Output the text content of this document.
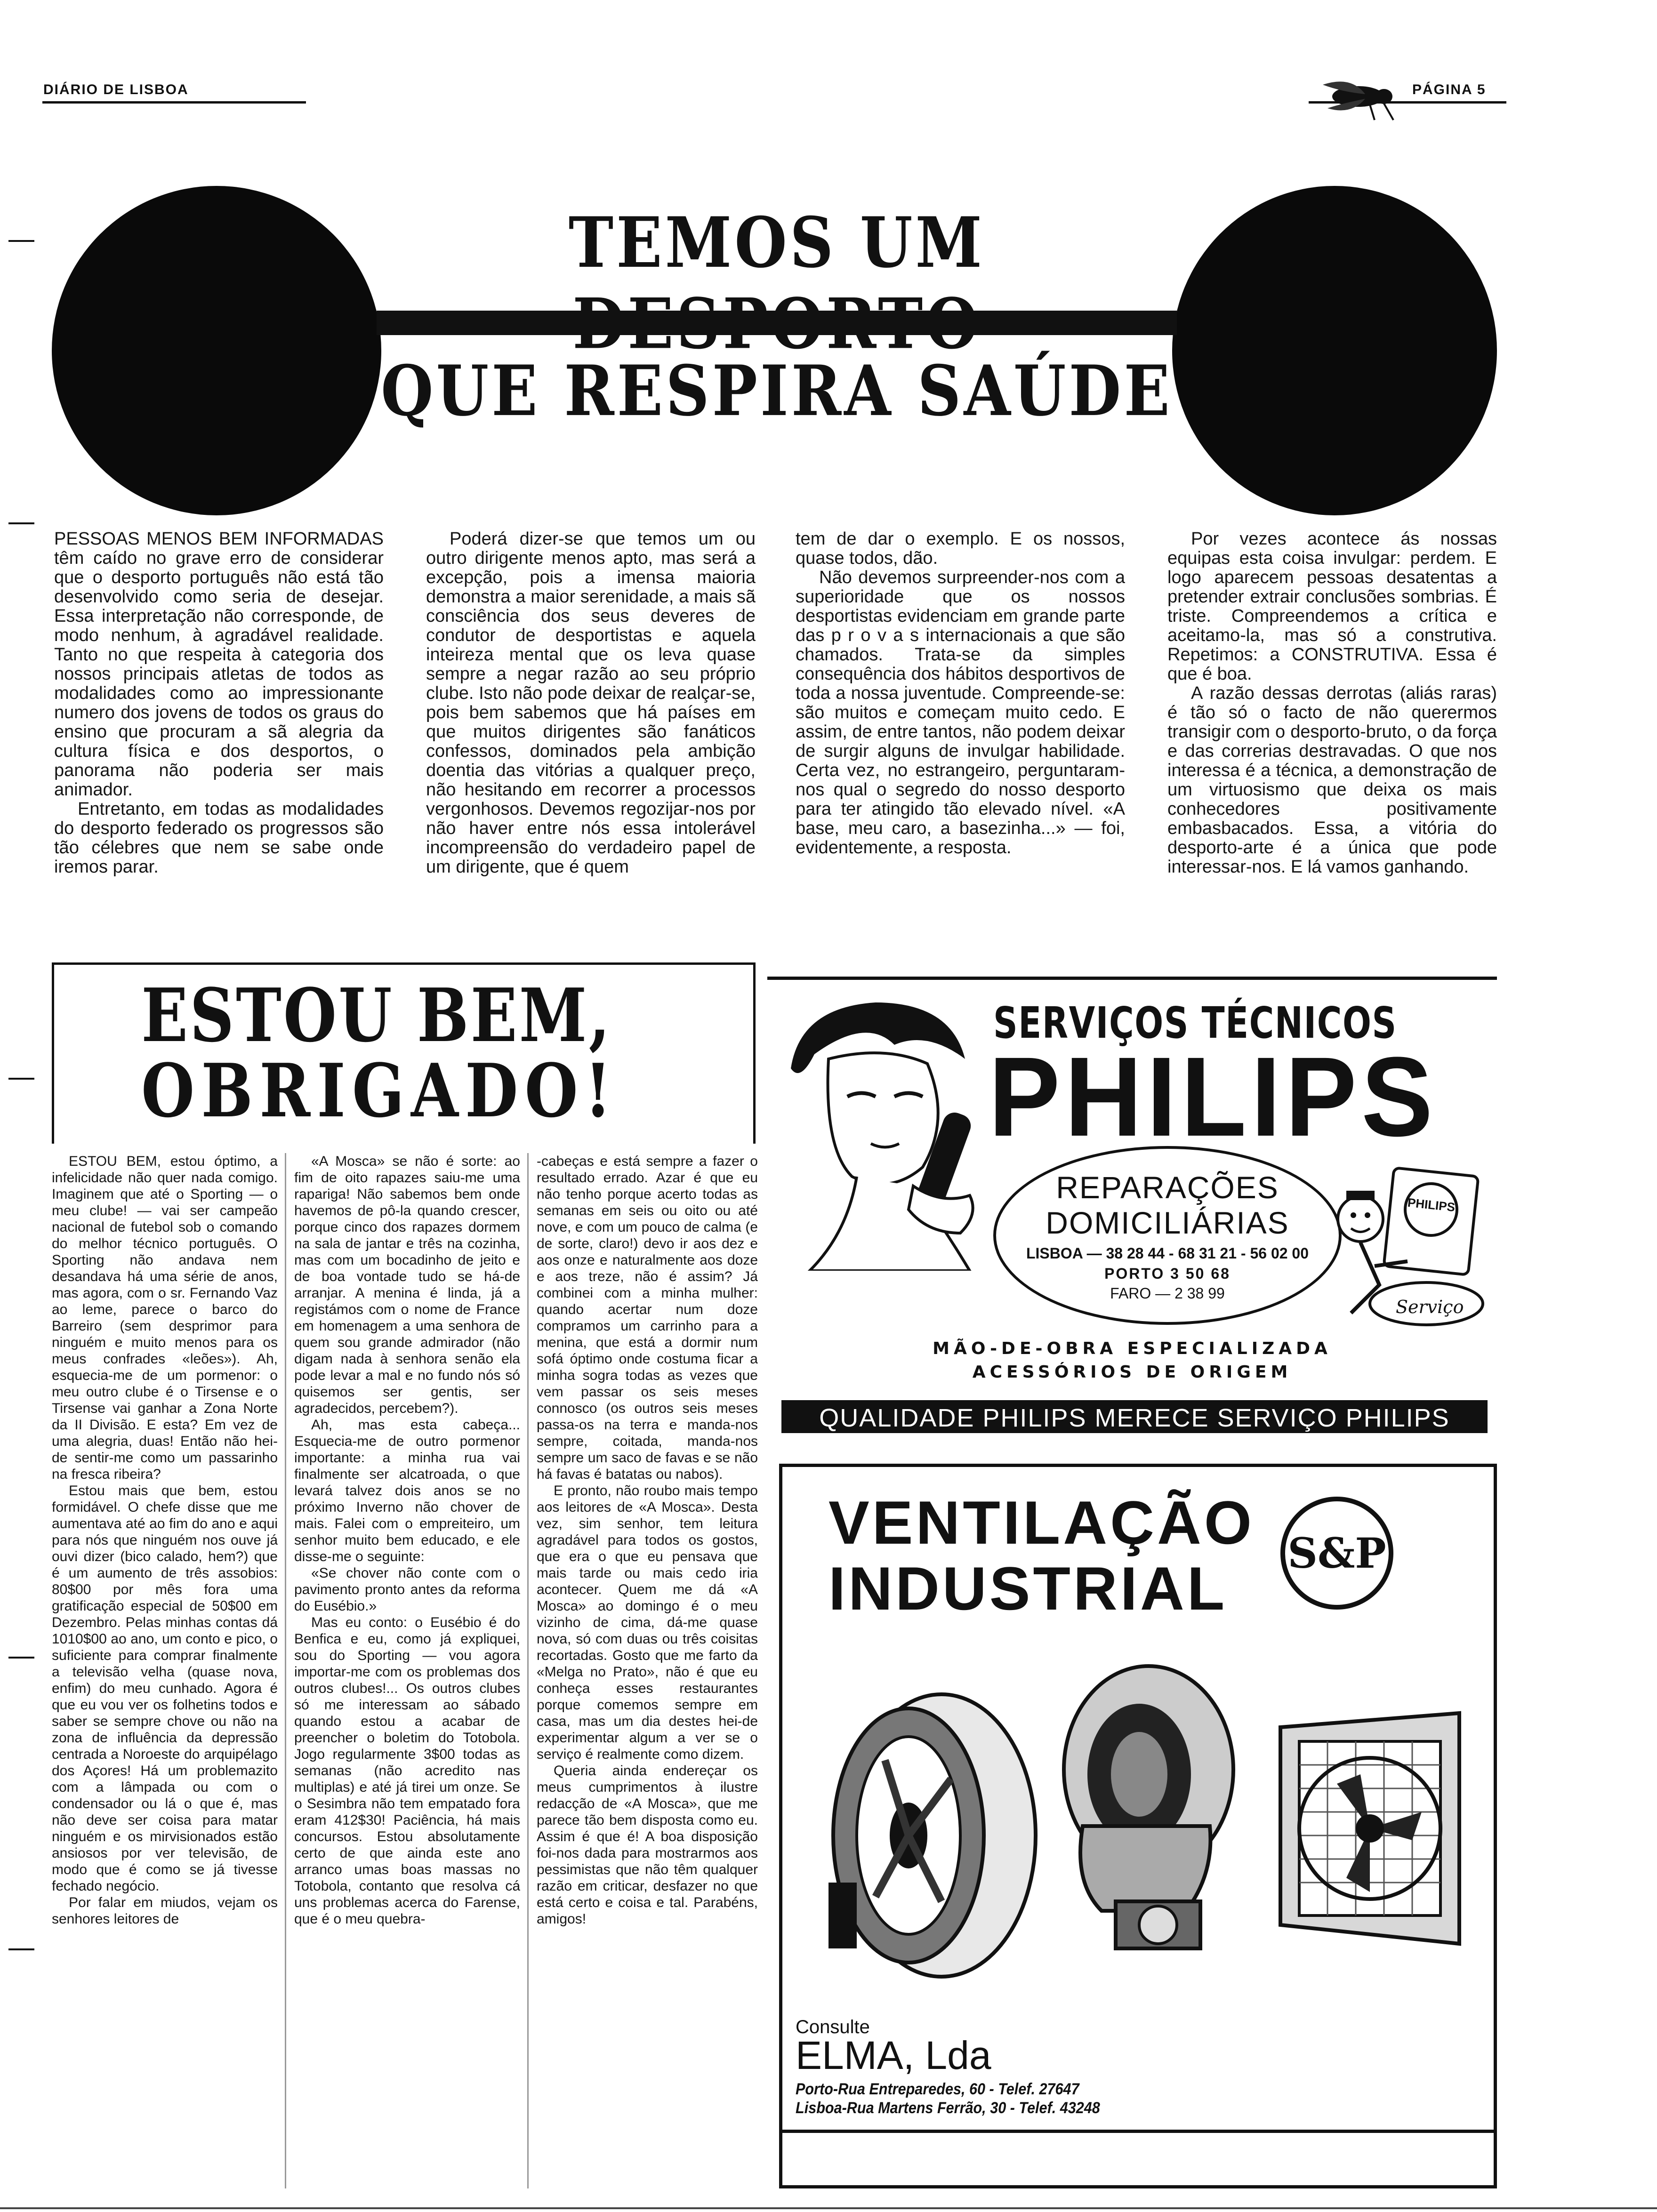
DIÁRIO DE LISBOA	PÁGINA 5
TEMOS UM
QUE RESPIRA SAÚDE

PESSOAS MENOS BEM INFORMADAS têm caído no grave erro de considerar que o desporto português não está tão desenvolvido como seria de desejar. Essa interpretação não corresponde, de modo nenhum, à agradável realidade. Tanto no que respeita à categoria dos nossos principais atletas de todos as modalidades como ao impressionante numero dos jovens de todos os graus do ensino que procuram a sã alegria da cultura física e dos desportos, o panorama não poderia ser mais animador.

Entretanto, em todas as modalidades do desporto federado os progressos são tão célebres que nem se sabe onde iremos parar.

Poderá dizer-se que temos um ou outro dirigente menos apto, mas será a excepção, pois a imensa maioria demonstra a maior serenidade, a mais sã consciência dos seus deveres de condutor de desportistas e aquela inteireza mental que os leva quase sempre a negar razão ao seu próprio clube. Isto não pode deixar de realçar-se, pois bem sabemos que há países em que muitos dirigentes são fanáticos confessos, dominados pela ambição doentia das vitórias a qualquer preço, não hesitando em recorrer a processos vergonhosos. Devemos regozijar-nos por não haver entre nós essa intolerável incompreensão do verdadeiro papel de um dirigente, que é quem

tem de dar o exemplo. E os nossos, quase todos, dão.

Não devemos surpreender-nos com a superioridade que os nossos desportistas evidenciam em grande parte das p r o v a s internacionais a que são chamados. Trata-se da simples consequência dos hábitos desportivos de toda a nossa juventude. Compreende-se: são muitos e começam muito cedo. E assim, de entre tantos, não podem deixar de surgir alguns de invulgar habilidade. Certa vez, no estrangeiro, perguntaram-nos qual o segredo do nosso desporto para ter atingido tão elevado nível. «A base, meu caro, a basezinha...» — foi, evidentemente, a resposta.

Por vezes acontece ás nossas equipas esta coisa invulgar: perdem. E logo aparecem pessoas desatentas a pretender extrair conclusões sombrias. É triste. Compreendemos a crítica e aceitamo-la, mas só a construtiva. Repetimos: a CONSTRUTIVA. Essa é que é boa.

A razão dessas derrotas (aliás raras) é tão só o facto de não querermos transigir com o desporto-bruto, o da força e das correrias destravadas. O que nos interessa é a técnica, a demonstração de um virtuosismo que deixa os mais conhecedores positivamente embasbacados. Essa, a vitória do desporto-arte é a única que pode interessar-nos. E lá vamos ganhando.

ESTOU BEM,
OBRIGADO!

ESTOU BEM, estou óptimo, a infelicidade não quer nada comigo. Imaginem que até o Sporting — o meu clube! — vai ser campeão nacional de futebol sob o comando do melhor técnico português. O Sporting não andava nem desandava há uma série de anos, mas agora, com o sr. Fernando Vaz ao leme, parece o barco do Barreiro (sem desprimor para ninguém e muito menos para os meus confrades «leões»). Ah, esquecia-me de um pormenor: o meu outro clube é o Tirsense e o Tirsense vai ganhar a Zona Norte da II Divisão. E esta? Em vez de uma alegria, duas! Então não hei-de sentir-me como um passarinho na fresca ribeira?

Estou mais que bem, estou formidável. O chefe disse que me aumentava até ao fim do ano e aqui para nós que ninguém nos ouve já ouvi dizer (bico calado, hem?) que é um aumento de três assobios: 80$00 por mês fora uma gratificação especial de 50$00 em Dezembro. Pelas minhas contas dá 1010$00 ao ano, um conto e pico, o suficiente para comprar finalmente a televisão velha (quase nova, enfim) do meu cunhado. Agora é que eu vou ver os folhetins todos e saber se sempre chove ou não na zona de influência da depressão centrada a Noroeste do arquipélago dos Açores! Há um problemazito com a lâmpada ou com o condensador ou lá o que é, mas não deve ser coisa para matar ninguém e os mirvisionados estão ansiosos por ver televisão, de modo que é como se já tivesse fechado negócio.

Por falar em miudos, vejam os senhores leitores de

«A Mosca» se não é sorte: ao fim de oito rapazes saiu-me uma rapariga! Não sabemos bem onde havemos de pô-la quando crescer, porque cinco dos rapazes dormem na sala de jantar e três na cozinha, mas com um bocadinho de jeito e de boa vontade tudo se há-de arranjar. A menina é linda, já a registámos com o nome de France em homenagem a uma senhora de quem sou grande admirador (não digam nada à senhora senão ela pode levar a mal e no fundo nós só quisemos ser gentis, ser agradecidos, percebem?).

Ah, mas esta cabeça... Esquecia-me de outro pormenor importante: a minha rua vai finalmente ser alcatroada, o que levará talvez dois anos se no próximo Inverno não chover de mais. Falei com o empreiteiro, um senhor muito bem educado, e ele disse-me o seguinte:

«Se chover não conte com o pavimento pronto antes da reforma do Eusébio.»

Mas eu conto: o Eusébio é do Benfica e eu, como já expliquei, sou do Sporting — vou agora importar-me com os problemas dos outros clubes!... Os outros clubes só me interessam ao sábado quando estou a acabar de preencher o boletim do Totobola. Jogo regularmente 3$00 todas as semanas (não acredito nas multiplas) e até já tirei um onze. Se o Sesimbra não tem empatado fora eram 412$30! Paciência, há mais concursos. Estou absolutamente certo de que ainda este ano arranco umas boas massas no Totobola, contanto que resolva cá uns problemas acerca do Farense, que é o meu quebra-

-cabeças e está sempre a fazer o resultado errado. Azar é que eu não tenho porque acerto todas as semanas em seis ou oito ou até nove, e com um pouco de calma (e de sorte, claro!) devo ir aos dez e aos onze e naturalmente aos doze e aos treze, não é assim? Já combinei com a minha mulher: quando acertar num doze compramos um carrinho para a menina, que está a dormir num sofá óptimo onde costuma ficar a minha sogra todas as vezes que vem passar os seis meses connosco (os outros seis meses passa-os na terra e manda-nos sempre, coitada, manda-nos sempre um saco de favas e se não há favas é batatas ou nabos).

E pronto, não roubo mais tempo aos leitores de «A Mosca». Desta vez, sim senhor, tem leitura agradável para todos os gostos, que era o que eu pensava que mais tarde ou mais cedo iria acontecer. Quem me dá «A Mosca» ao domingo é o meu vizinho de cima, dá-me quase nova, só com duas ou três coisitas recortadas. Gosto que me farto da «Melga no Prato», não é que eu conheça esses restaurantes porque comemos sempre em casa, mas um dia destes hei-de experimentar algum a ver se o serviço é realmente como dizem.

Queria ainda endereçar os meus cumprimentos à ilustre redacção de «A Mosca», que me parece tão bem disposta como eu. Assim é que é! A boa disposição foi-nos dada para mostrarmos aos pessimistas que não têm qualquer razão em criticar, desfazer no que está certo e coisa e tal. Parabéns, amigos!

SERVIÇOS TÉCNICOS
PHILIPS
REPARAÇÕES
DOMICILIÁRIAS
LISBOA — 38 28 44 - 68 31 21 - 56 02 00
PORTO 3 50 68
FARO — 2 38 99
PHILIPS
Serviço
MÃO-DE-OBRA ESPECIALIZADA
ACESSÓRIOS DE ORIGEM
QUALIDADE PHILIPS MERECE SERVIÇO PHILIPS
VENTILAÇÃO
INDUSTRIAL
S&P
Consulte
ELMA, Lda
Porto-Rua Entreparedes, 60 - Telef. 27647
Lisboa-Rua Martens Ferrão, 30 - Telef. 43248
